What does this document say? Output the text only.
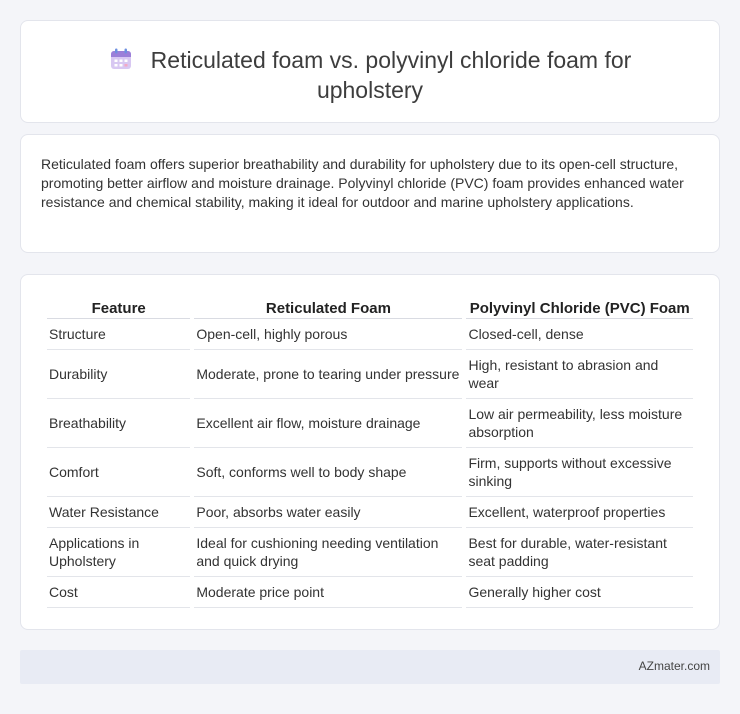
Reticulated foam vs. polyvinyl chloride foam for
upholstery

Reticulated foam offers superior breathability and durability for upholstery due to its open-cell structure, promoting better airflow and moisture drainage. Polyvinyl chloride (PVC) foam provides enhanced water resistance and chemical stability, making it ideal for outdoor and marine upholstery applications.

Feature	Reticulated Foam	Polyvinyl Chloride (PVC) Foam
Structure	Open-cell, highly porous	Closed-cell, dense
Durability	Moderate, prone to tearing under pressure	High, resistant to abrasion and wear
Breathability	Excellent air flow, moisture drainage	Low air permeability, less moisture absorption
Comfort	Soft, conforms well to body shape	Firm, supports without excessive sinking
Water Resistance	Poor, absorbs water easily	Excellent, waterproof properties
Applications in Upholstery	Ideal for cushioning needing ventilation and quick drying	Best for durable, water-resistant seat padding
Cost	Moderate price point	Generally higher cost
AZmater.com
